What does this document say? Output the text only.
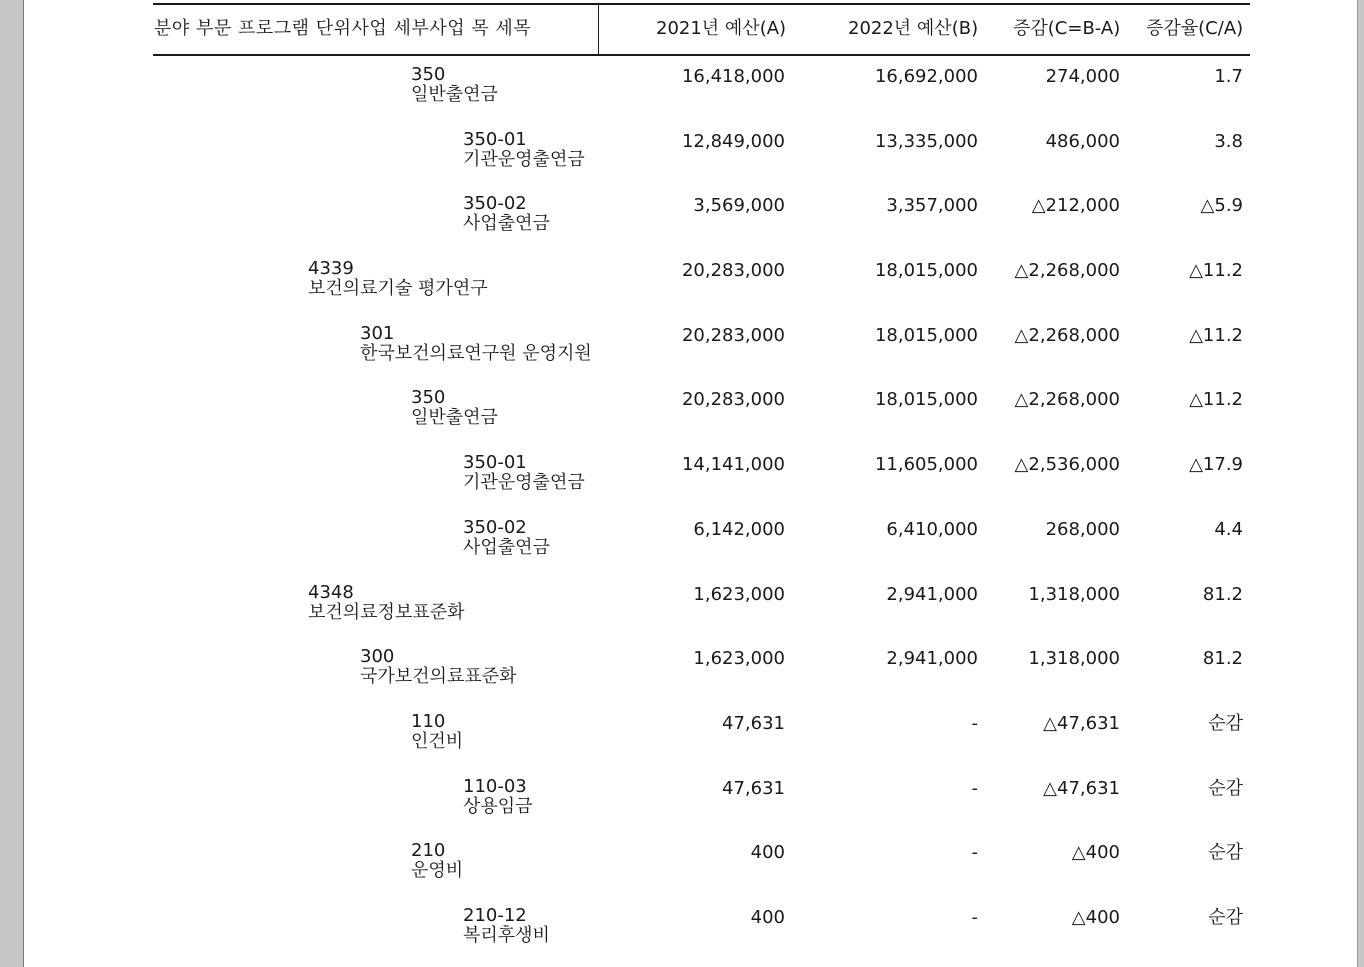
분야 부문 프로그램 단위사업 세부사업 목 세목	2021년 예산(A)	2022년 예산(B) 증감(C=B-A) 증감율(C/A)
350
일반출연금
16,418,000	16,692,000	274,000	1.7
350-01
기관운영출연금
12,849,000	13,335,000	486,000	3.8
350-02
사업출연금
3,569,000	3,357,000	△212,000	△5.9
4339
보건의료기술 평가연구
20,283,000	18,015,000 △2,268,000	△11.2
301
한국보건의료연구원 운영지원
20,283,000	18,015,000 △2,268,000	△11.2
350
일반출연금
20,283,000	18,015,000 △2,268,000	△11.2
350-01
기관운영출연금
14,141,000	11,605,000 △2,536,000	△17.9
350-02
사업출연금
6,142,000	6,410,000	268,000	4.4
4348
보건의료정보표준화
1,623,000	2,941,000	1,318,000	81.2
300
국가보건의료표준화
1,623,000	2,941,000	1,318,000	81.2
110
인건비
47,631	-	△47,631	순감
110-03
상용임금
47,631	-	△47,631	순감
210
운영비
400	-	△400	순감
210-12
복리후생비
400	-	△400	순감
